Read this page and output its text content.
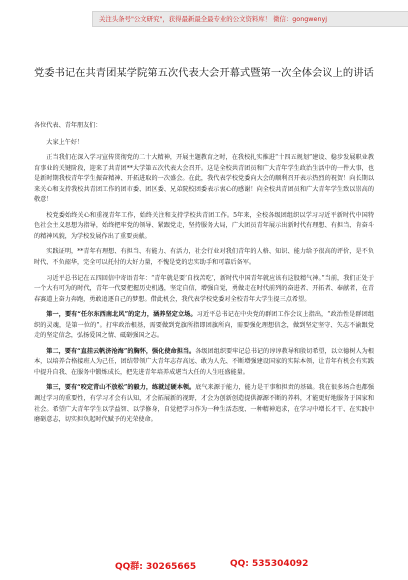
关注头条号"公文研究"，获得最新最全最专业的公文资料库！ 微信：gongwenyj
党委书记在共青团某学院第五次代表大会开幕式暨第一次全体会议上的讲话

各位代表、青年朋友们：

大家上午好！

正当我们在深入学习宣传贯彻党的二十大精神，开展主题教育之时，在我校扎实推进“十四五规划”建设、稳步发展职业教育事业的关键阶段，迎来了共青团**大学第五次代表大会召开。这是全校共青团员和广大青年学生政治生活中的一件大事，也是新时期我校青年学生振奋精神、开拓进取的一次盛会。在此，我代表学校党委向大会的顺利召开表示热烈的祝贺！向长期以来关心和支持我校共青团工作的团市委、团区委、兄弟院校团委表示衷心的感谢！向全校共青团员和广大青年学生致以崇高的敬意！

校党委始终关心和重视青年工作，始终关注和支持学校共青团工作。5年来，全校各级团组织以学习习近平新时代中国特色社会主义思想为指导，始终把牢党的领导、紧跟党走，坚持服务大局，广大团员青年展示出新时代有理想、有担当、肯奋斗的精神风貌，为学校发展作出了重要贡献。

实践证明，**青年有理想、有担当、有能力、有活力，社会行业对我们青年的人格、知识、能力给予很高的评价，是不负时代、不负韶华，完全可以托付的大好力量，不愧是党的忠实助手和可靠后备军。

习近平总书记在五四回信中寄语青年：“青年就是要‘自找苦吃’，新时代中国青年就应该有这股精气神。”当前，我们正处于一个大有可为的时代，青年一代要把握历史机遇，坚定自信，增强自觉，勇做走在时代前列的奋进者、开拓者、奉献者，在青春赛道上奋力奔跑，勇敢追逐自己的梦想。借此机会，我代表学校党委对全校青年大学生提三点希望。

第一，要有“任尔东西南北风”的定力，涵养坚定立场。习近平总书记在中央党的群团工作会议上指出，“政治性是群团组织的灵魂，是第一位的”。打牢政治根基，需要做到党旗所指即团旗所向，需要强化理想信念，做到坚定坚守、矢志不渝跟党走的坚定信念，弘扬爱国之情、砥砺强国之志。

第二，要有“直挂云帆济沧海”的胸怀，强化使命担当。各级团组织要牢记总书记的谆谆教导和殷切希望，以立德树人为根本，以培养合格接班人为己任，团结带领广大青年志存高远、敢为人先、不断增强建设国家的实际本领，让青年有机会有实践中提升自我、在服务中锻炼成长，把先进青年培养成堪当大任的人生旺盛能量。

第三，要有“咬定青山不放松”的毅力，练就过硬本领。底气来源于能力，能力是干事和担责的基础。我在很多场合也都强调过学习的重要性，有学习才会有认知，才会拓展新的视野，才会为创新创造提供源源不断的养料，才能更好地服务于国家和社会。希望广大青年学生以学益智、以学修身，自觉把学习作为一种生活态度、一种精神追求，在学习中增长才干、在实践中磨砺意志，切实担负起时代赋予的光荣使命。

QQ群: 30265665	QQ: 535304092
